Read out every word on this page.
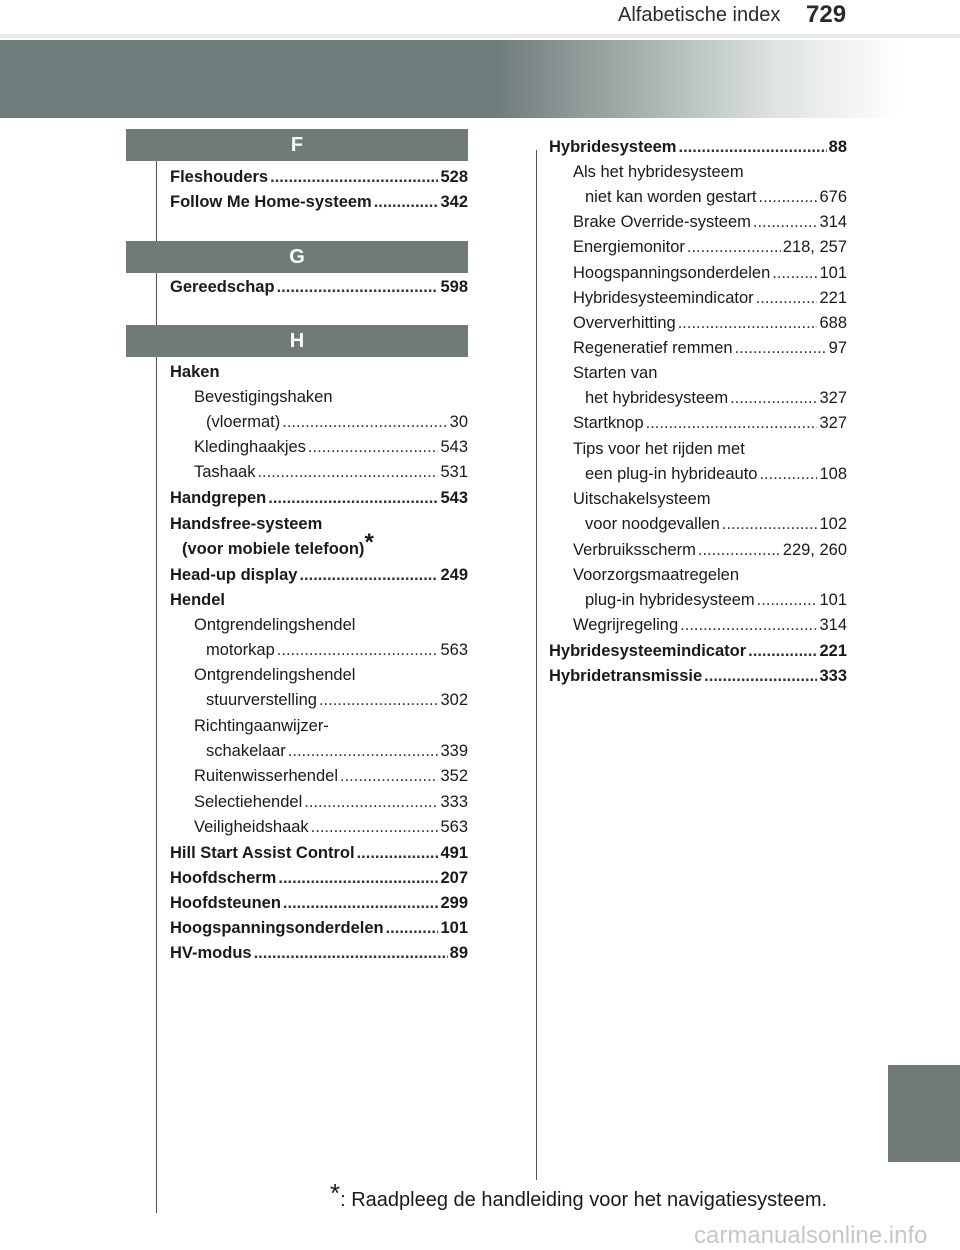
Alfabetische index 729
F
Fleshouders .....	528
Follow Me Home-systeem .....	342
G
Gereedschap .....	598
H
Haken
Bevestigingshaken
(vloermat) .....	30
Kledinghaakjes .....	543
Tashaak .....	531
Handgrepen .....	543
Handsfree-systeem
(voor mobiele telefoon)*
Head-up display .....	249
Hendel
Ontgrendelingshendel
motorkap .....	563
Ontgrendelingshendel
stuurverstelling .....	302
Richtingaanwijzer-
schakelaar .....	339
Ruitenwisserhendel .....	352
Selectiehendel .....	333
Veiligheidshaak .....	563
Hill Start Assist Control .....	491
Hoofdscherm .....	207
Hoofdsteunen .....	299
Hoogspanningsonderdelen .....	101
HV-modus .....	89
Hybridesysteem .....	88
Als het hybridesysteem
niet kan worden gestart .....	676
Brake Override-systeem .....	314
Energiemonitor .....	218, 257
Hoogspanningsonderdelen .....	101
Hybridesysteemindicator .....	221
Oververhitting .....	688
Regeneratief remmen .....	97
Starten van
het hybridesysteem .....	327
Startknop .....	327
Tips voor het rijden met
een plug-in hybrideauto .....	108
Uitschakelsysteem
voor noodgevallen .....	102
Verbruiksscherm .....	229, 260
Voorzorgsmaatregelen
plug-in hybridesysteem .....	101
Wegrijregeling .....	314
Hybridesysteemindicator .....	221
Hybridetransmissie .....	333
*: Raadpleeg de handleiding voor het navigatiesysteem.
carmanualsonline.info
